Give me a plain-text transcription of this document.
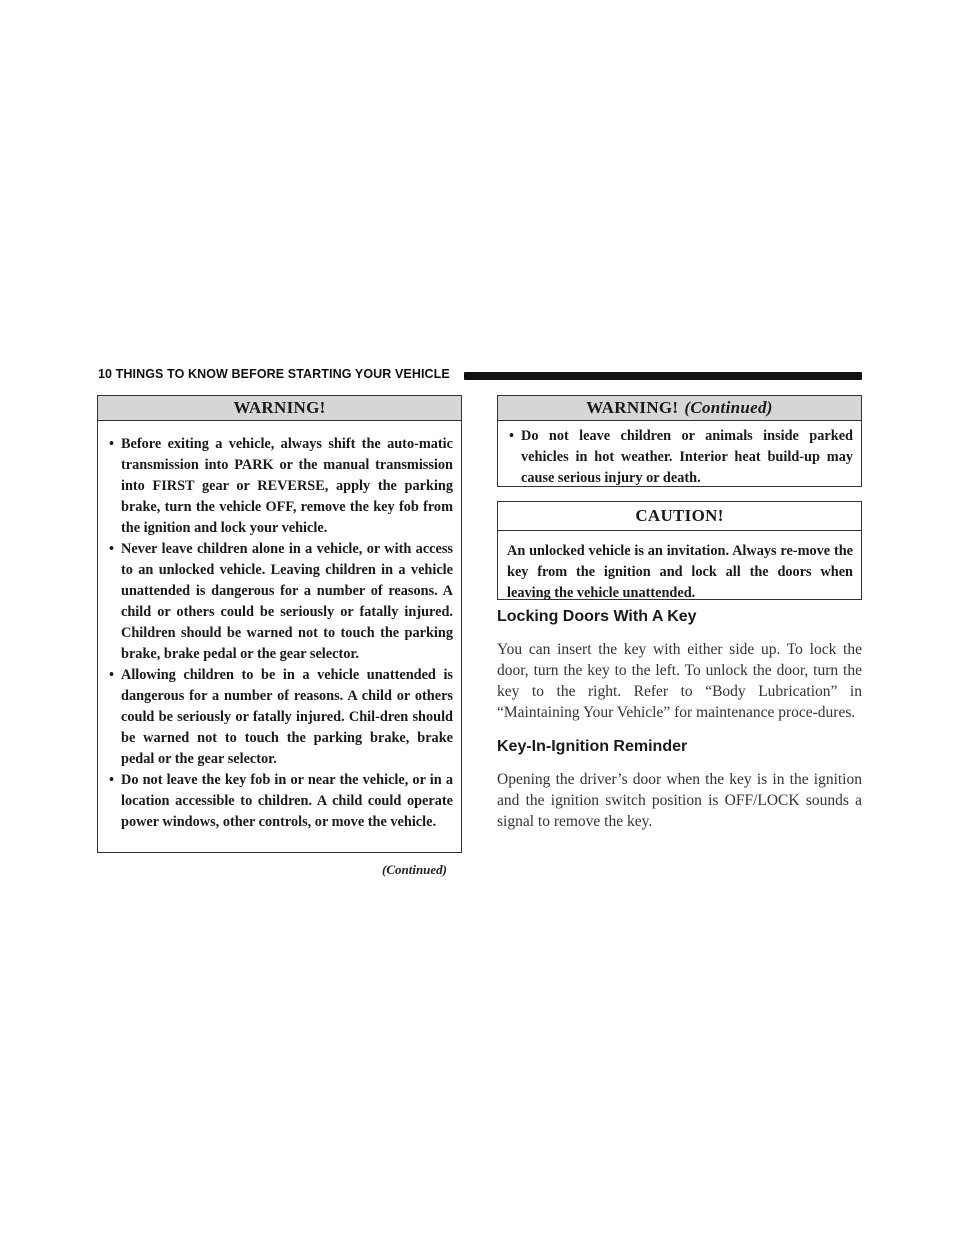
10 THINGS TO KNOW BEFORE STARTING YOUR VEHICLE
WARNING!
• Before exiting a vehicle, always shift the auto-matic transmission into PARK or the manual transmission into FIRST gear or REVERSE, apply the parking brake, turn the vehicle OFF, remove the key fob from the ignition and lock your vehicle.
• Never leave children alone in a vehicle, or with access to an unlocked vehicle. Leaving children in a vehicle unattended is dangerous for a number of reasons. A child or others could be seriously or fatally injured. Children should be warned not to touch the parking brake, brake pedal or the gear selector.
• Allowing children to be in a vehicle unattended is dangerous for a number of reasons. A child or others could be seriously or fatally injured. Chil-dren should be warned not to touch the parking brake, brake pedal or the gear selector.
• Do not leave the key fob in or near the vehicle, or in a location accessible to children. A child could operate power windows, other controls, or move the vehicle.
(Continued)
WARNING! (Continued)
• Do not leave children or animals inside parked vehicles in hot weather. Interior heat build-up may cause serious injury or death.
CAUTION!
An unlocked vehicle is an invitation. Always re-move the key from the ignition and lock all the doors when leaving the vehicle unattended.
Locking Doors With A Key
You can insert the key with either side up. To lock the door, turn the key to the left. To unlock the door, turn the key to the right. Refer to “Body Lubrication” in “Maintaining Your Vehicle” for maintenance proce-dures.
Key-In-Ignition Reminder
Opening the driver’s door when the key is in the ignition and the ignition switch position is OFF/LOCK sounds a signal to remove the key.
